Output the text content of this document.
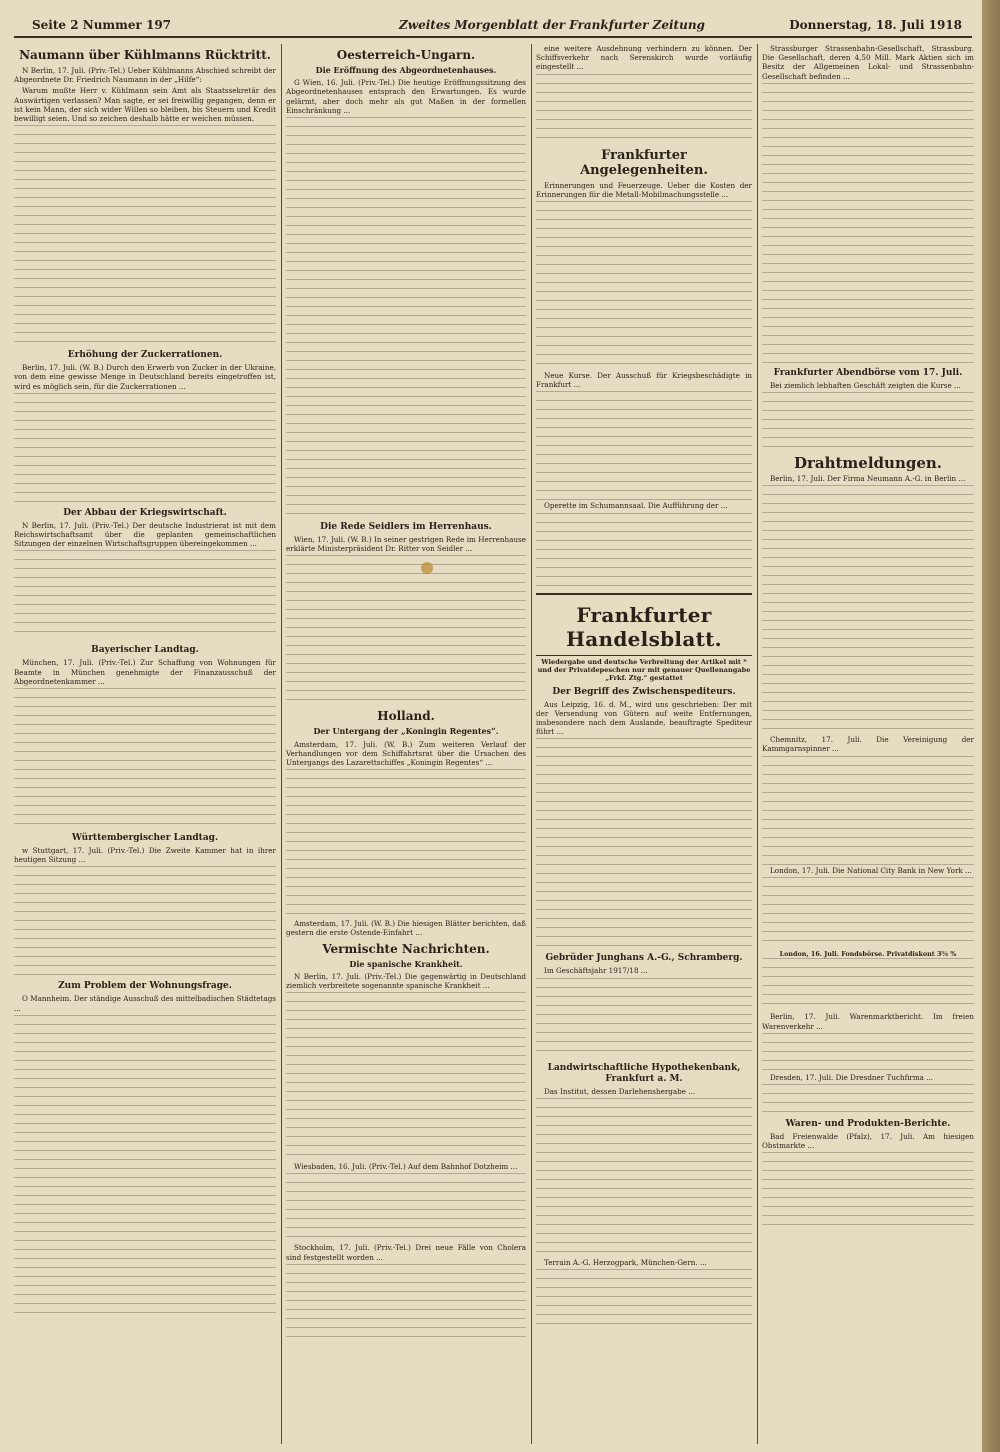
Seite 2 Nummer 197	Zweites Morgenblatt der Frankfurter Zeitung	Donnerstag, 18. Juli 1918
Naumann über Kühlmanns Rücktritt.

N Berlin, 17. Juli. (Priv.-Tel.) Ueber Kühlmanns Abschied schreibt der Abgeordnete Dr. Friedrich Naumann in der „Hilfe“:

Warum mußte Herr v. Kühlmann sein Amt als Staatssekretär des Auswärtigen verlassen? Man sagte, er sei freiwillig gegangen, denn er ist kein Mann, der sich wider Willen so bleiben, bis Steuern und Kredit bewilligt seien. Und so zeichen deshalb hätte er weichen müssen.

Erhöhung der Zuckerrationen.

Berlin, 17. Juli. (W. B.) Durch den Erwerb von Zucker in der Ukraine, von dem eine gewisse Menge in Deutschland bereits eingetroffen ist, wird es möglich sein, für die Zuckerrationen ...

Der Abbau der Kriegswirtschaft.

N Berlin, 17. Juli. (Priv.-Tel.) Der deutsche Industrierat ist mit dem Reichswirtschaftsamt über die geplanten gemeinschaftlichen Sitzungen der einzelnen Wirtschaftsgruppen übereingekommen ...

Bayerischer Landtag.

München, 17. Juli. (Priv.-Tel.) Zur Schaffung von Wohnungen für Beamte in München genehmigte der Finanzausschuß der Abgeordnetenkammer ...

Württembergischer Landtag.

w Stuttgart, 17. Juli. (Priv.-Tel.) Die Zweite Kammer hat in ihrer heutigen Sitzung ...

Zum Problem der Wohnungsfrage.

O Mannheim. Der ständige Ausschuß des mittelbadischen Städtetags ...

Oesterreich-Ungarn.
Die Eröffnung des Abgeordnetenhauses.

G Wien, 16. Juli. (Priv.-Tel.) Die heutige Eröffnungssitzung des Abgeordnetenhauses entsprach den Erwartungen. Es wurde gelärmt, aber doch mehr als gut Maßen in der formellen Einschränkung ...

Die Rede Seidlers im Herrenhaus.

Wien, 17. Juli. (W. B.) In seiner gestrigen Rede im Herrenhause erklärte Ministerpräsident Dr. Ritter von Seidler ...

Holland.
Der Untergang der „Koningin Regentes“.

Amsterdam, 17. Juli. (W. B.) Zum weiteren Verlauf der Verhandlungen vor dem Schiffahrtsrat über die Ursachen des Untergangs des Lazarettschiffes „Koningin Regentes“ ...

Amsterdam, 17. Juli. (W. B.) Die hiesigen Blätter berichten, daß gestern die erste Ostende-Einfahrt ...

Vermischte Nachrichten.
Die spanische Krankheit.

N Berlin, 17. Juli. (Priv.-Tel.) Die gegenwärtig in Deutschland ziemlich verbreitete sogenannte spanische Krankheit ...

Wiesbaden, 16. Juli. (Priv.-Tel.) Auf dem Bahnhof Dotzheim ...

Stockholm, 17. Juli. (Priv.-Tel.) Drei neue Fälle von Cholera sind festgestellt worden ...

eine weitere Ausdehnung verhindern zu können. Der Schiffsverkehr nach Serenskirch wurde vorläufig eingestellt ...

Frankfurter Angelegenheiten.

Erinnerungen und Feuerzeuge. Ueber die Kosten der Erinnerungen für die Metall-Mobilmachungsstelle ...

Neue Kurse. Der Ausschuß für Kriegsbeschädigte in Frankfurt ...

Operette im Schumannsaal. Die Aufführung der ...

Frankfurter Handelsblatt.
Wiedergabe und deutsche Verbreitung der Artikel mit * und der Privatdepeschen nur mit genauer Quellenangabe „Frkf. Ztg.“ gestattet
Der Begriff des Zwischenspediteurs.

Aus Leipzig, 16. d. M., wird uns geschrieben: Der mit der Versendung von Gütern auf weite Entfernungen, insbesondere nach dem Auslande, beauftragte Spediteur führt ...

Gebrüder Junghans A.-G., Schramberg.

Im Geschäftsjahr 1917/18 ...

Landwirtschaftliche Hypothekenbank, Frankfurt a. M.

Das Institut, dessen Darlehenshergabe ...

Terrain A.-G. Herzogpark, München-Gern. ...

Strassburger Strassenbahn-Gesellschaft, Strassburg. Die Gesellschaft, deren 4,50 Mill. Mark Aktien sich im Besitz der Allgemeinen Lokal- und Strassenbahn-Gesellschaft befinden ...

Frankfurter Abendbörse vom 17. Juli.

Bei ziemlich lebhaften Geschäft zeigten die Kurse ...

Drahtmeldungen.

Berlin, 17. Juli. Der Firma Neumann A.-G. in Berlin ...

Chemnitz, 17. Juli. Die Vereinigung der Kammgarnspinner ...

London, 17. Juli. Die National City Bank in New York ...

London, 16. Juli. Fondsbörse. Privatdiskont 3⅝ %

Berlin, 17. Juli. Warenmarktbericht. Im freien Warenverkehr ...

Dresden, 17. Juli. Die Dresdner Tuchfirma ...

Waren- und Produkten-Berichte.

Bad Freienwalde (Pfalz), 17. Juli. Am hiesigen Obstmarkte ...
